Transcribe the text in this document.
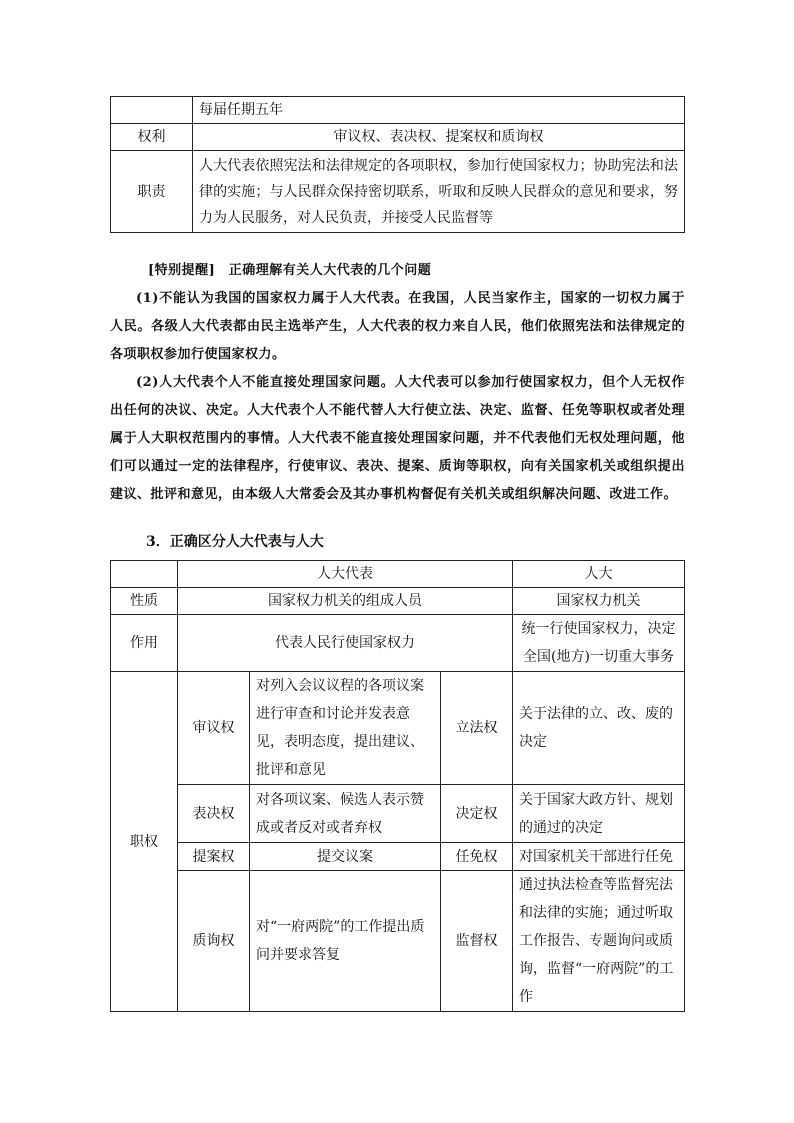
	每届任期五年
权利	审议权、表决权、提案权和质询权
职责	人大代表依照宪法和法律规定的各项职权，参加行使国家权力；协助宪法和法律的实施；与人民群众保持密切联系，听取和反映人民群众的意见和要求，努力为人民服务，对人民负责，并接受人民监督等

[特别提醒]　正确理解有关人大代表的几个问题

(1)不能认为我国的国家权力属于人大代表。在我国，人民当家作主，国家的一切权力属于人民。各级人大代表都由民主选举产生，人大代表的权力来自人民，他们依照宪法和法律规定的各项职权参加行使国家权力。

(2)人大代表个人不能直接处理国家问题。人大代表可以参加行使国家权力，但个人无权作出任何的决议、决定。人大代表个人不能代替人大行使立法、决定、监督、任免等职权或者处理属于人大职权范围内的事情。人大代表不能直接处理国家问题，并不代表他们无权处理问题，他们可以通过一定的法律程序，行使审议、表决、提案、质询等职权，向有关国家机关或组织提出建议、批评和意见，由本级人大常委会及其办事机构督促有关机关或组织解决问题、改进工作。

3．正确区分人大代表与人大
	人大代表			人大
性质	国家权力机关的组成人员			国家权力机关
作用	代表人民行使国家权力			统一行使国家权力，决定全国(地方)一切重大事务
职权	审议权	对列入会议议程的各项议案进行审查和讨论并发表意见，表明态度，提出建议、批评和意见	立法权	关于法律的立、改、废的决定
	表决权	对各项议案、候选人表示赞成或者反对或者弃权	决定权	关于国家大政方针、规划的通过的决定
	提案权	提交议案	任免权	对国家机关干部进行任免
	质询权	对“一府两院”的工作提出质问并要求答复	监督权	通过执法检查等监督宪法和法律的实施；通过听取工作报告、专题询问或质询，监督“一府两院”的工作
